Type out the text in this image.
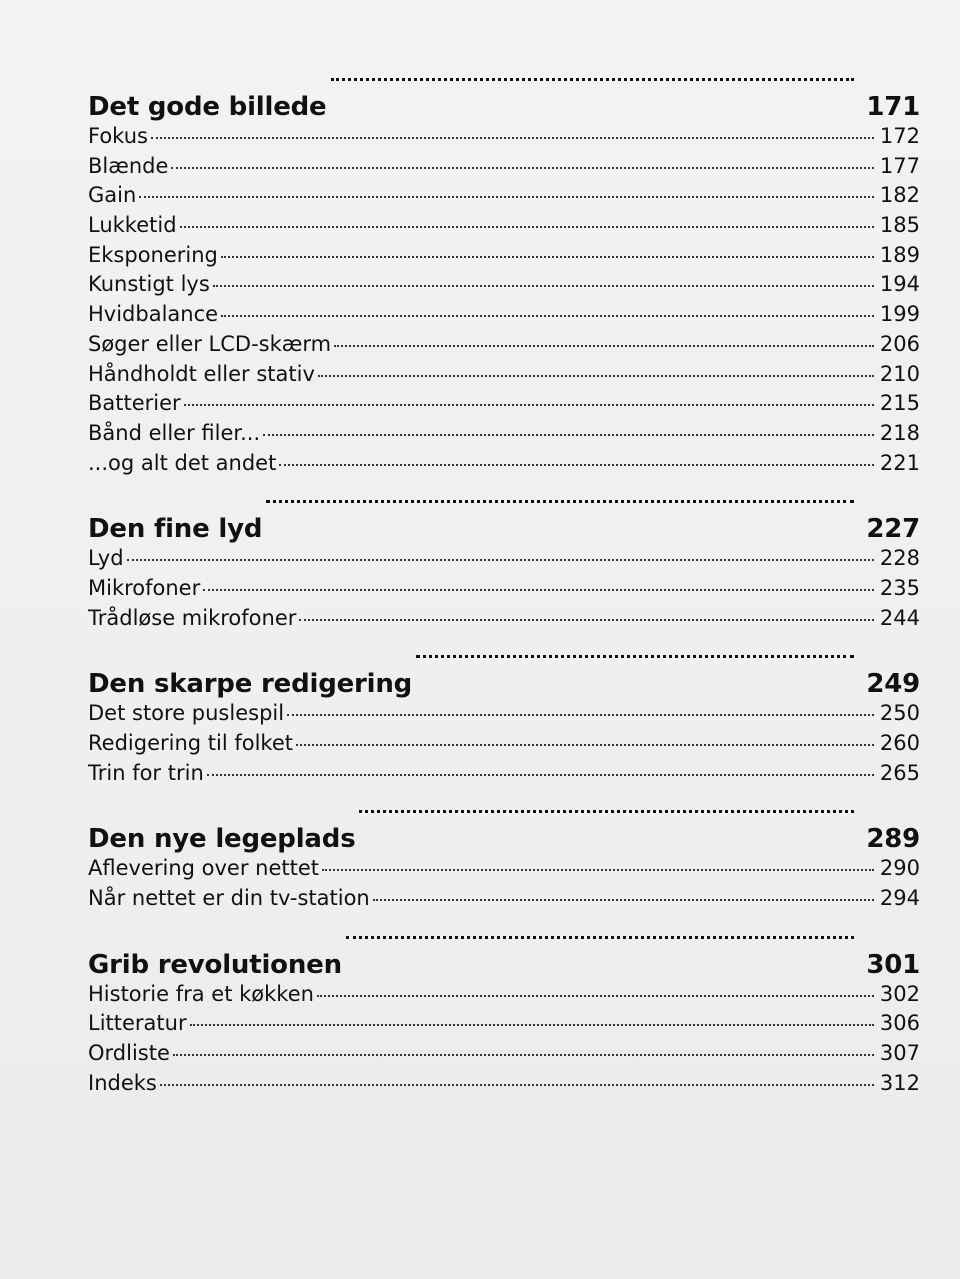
Det gode billede	171
Fokus	172
Blænde	177
Gain	182
Lukketid	185
Eksponering	189
Kunstigt lys	194
Hvidbalance	199
Søger eller LCD-skærm	206
Håndholdt eller stativ	210
Batterier	215
Bånd eller filer...	218
...og alt det andet	221
Den fine lyd	227
Lyd	228
Mikrofoner	235
Trådløse mikrofoner	244
Den skarpe redigering	249
Det store puslespil	250
Redigering til folket	260
Trin for trin	265
Den nye legeplads	289
Aflevering over nettet	290
Når nettet er din tv-station	294
Grib revolutionen	301
Historie fra et køkken	302
Litteratur	306
Ordliste	307
Indeks	312
